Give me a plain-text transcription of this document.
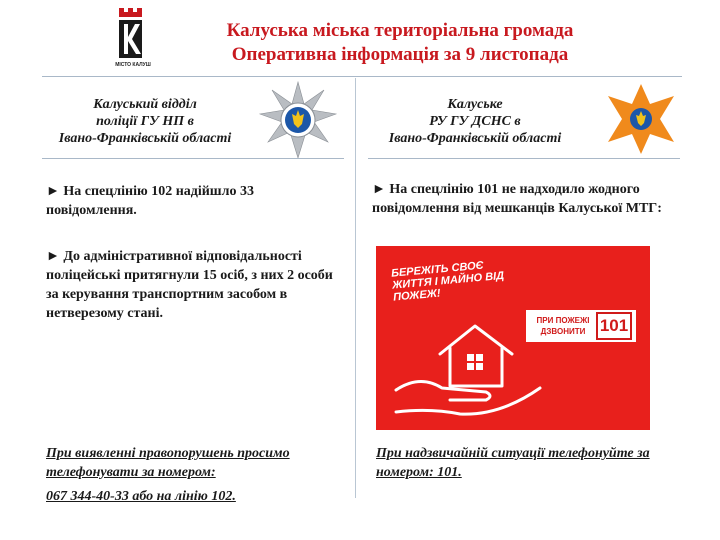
МІСТО КАЛУШ
Калуська міська територіальна громада
Оперативна інформація за 9 листопада
Калуський відділ
поліції ГУ НП в
Івано-Франківській області
► На спецлінію 102 надійшло 33 повідомлення.
► До адміністративної відповідальності поліцейські притягнули 15 осіб, з них 2 особи за керування транспортним засобом в нетверезому стані.
При виявленні правопорушень просимо телефонувати за номером:
067 344-40-33 або на лінію 102.
Калуське
РУ ГУ ДСНС в
Івано-Франківській області
► На спецлінію 101 не надходило жодного повідомлення від мешканців Калуської МТГ:
БЕРЕЖІТЬ СВОЄ ЖИТТЯ І МАЙНО ВІД ПОЖЕЖ!
ПРИ ПОЖЕЖІ ДЗВОНИТИ 101
При надзвичайній ситуації телефонуйте за номером: 101.
